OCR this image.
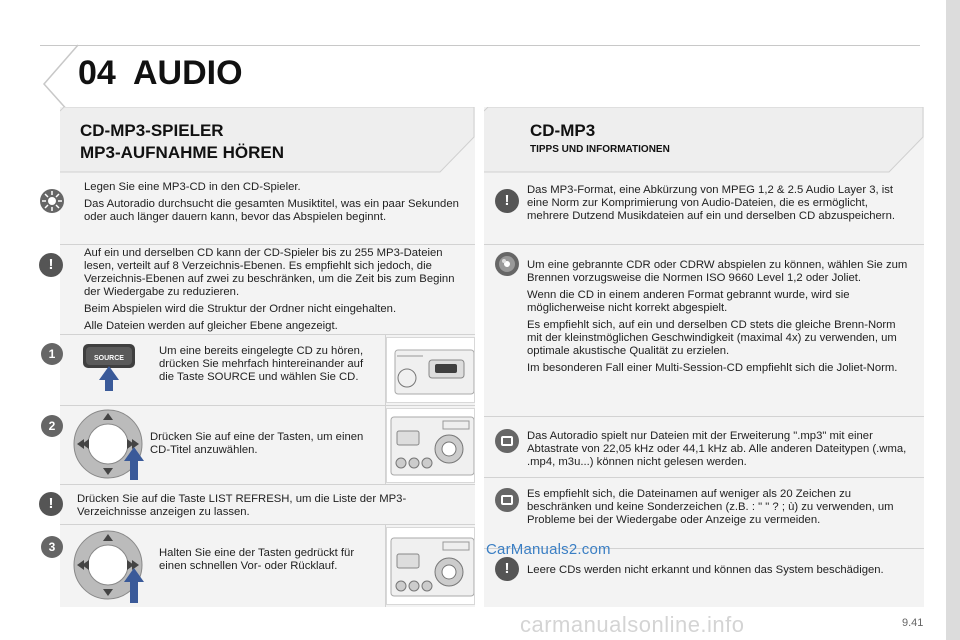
04 AUDIO
CD-MP3-SPIELER
MP3-AUFNAHME HÖREN

Legen Sie eine MP3-CD in den CD-Spieler.

Das Autoradio durchsucht die gesamten Musiktitel, was ein paar Sekunden oder auch länger dauern kann, bevor das Abspielen beginnt.

!

Auf ein und derselben CD kann der CD-Spieler bis zu 255 MP3-Dateien lesen, verteilt auf 8 Verzeichnis-Ebenen. Es empfiehlt sich jedoch, die Verzeichnis-Ebenen auf zwei zu beschränken, um die Zeit bis zum Beginn der Wiedergabe zu reduzieren.

Beim Abspielen wird die Struktur der Ordner nicht eingehalten.

Alle Dateien werden auf gleicher Ebene angezeigt.

1	SOURCE
Um eine bereits eingelegte CD zu hören, drücken Sie mehrfach hintereinander auf die Taste SOURCE und wählen Sie CD.
2
Drücken Sie auf eine der Tasten, um einen CD-Titel anzuwählen.
!	Drücken Sie auf die Taste LIST REFRESH, um die Liste der MP3-Verzeichnisse anzeigen zu lassen.
3	Halten Sie eine der Tasten gedrückt für einen schnellen Vor- oder Rücklauf.
CD-MP3
TIPPS UND INFORMATIONEN
!
Das MP3-Format, eine Abkürzung von MPEG 1,2 & 2.5 Audio Layer 3, ist eine Norm zur Komprimierung von Audio-Dateien, die es ermöglicht, mehrere Dutzend Musikdateien auf ein und derselben CD abzuspeichern.

Um eine gebrannte CDR oder CDRW abspielen zu können, wählen Sie zum Brennen vorzugsweise die Normen ISO 9660 Level 1,2 oder Joliet.

Wenn die CD in einem anderen Format gebrannt wurde, wird sie möglicherweise nicht korrekt abgespielt.

Es empfiehlt sich, auf ein und derselben CD stets die gleiche Brenn-Norm mit der kleinstmöglichen Geschwindigkeit (maximal 4x) zu verwenden, um optimale akustische Qualität zu erzielen.

Im besonderen Fall einer Multi-Session-CD empfiehlt sich die Joliet-Norm.

Das Autoradio spielt nur Dateien mit der Erweiterung ".mp3" mit einer Abtastrate von 22,05 kHz oder 44,1 kHz ab. Alle anderen Dateitypen (.wma, .mp4, m3u...) können nicht gelesen werden.
Es empfiehlt sich, die Dateinamen auf weniger als 20 Zeichen zu beschränken und keine Sonderzeichen (z.B. : " " ? ; ù) zu verwenden, um Probleme bei der Wiedergabe oder Anzeige zu vermeiden.
!	Leere CDs werden nicht erkannt und können das System beschädigen.
CarManuals2.com
carmanualsonline.info	9.41
